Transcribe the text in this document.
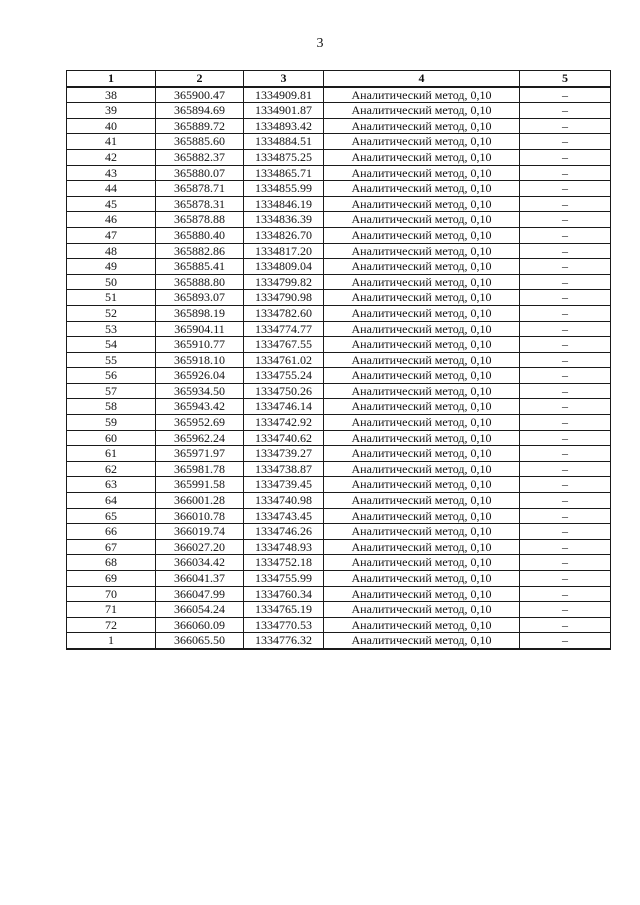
3
1	2	3	4	5
38	365900.47	1334909.81	Аналитический метод, 0,10	–
39	365894.69	1334901.87	Аналитический метод, 0,10	–
40	365889.72	1334893.42	Аналитический метод, 0,10	–
41	365885.60	1334884.51	Аналитический метод, 0,10	–
42	365882.37	1334875.25	Аналитический метод, 0,10	–
43	365880.07	1334865.71	Аналитический метод, 0,10	–
44	365878.71	1334855.99	Аналитический метод, 0,10	–
45	365878.31	1334846.19	Аналитический метод, 0,10	–
46	365878.88	1334836.39	Аналитический метод, 0,10	–
47	365880.40	1334826.70	Аналитический метод, 0,10	–
48	365882.86	1334817.20	Аналитический метод, 0,10	–
49	365885.41	1334809.04	Аналитический метод, 0,10	–
50	365888.80	1334799.82	Аналитический метод, 0,10	–
51	365893.07	1334790.98	Аналитический метод, 0,10	–
52	365898.19	1334782.60	Аналитический метод, 0,10	–
53	365904.11	1334774.77	Аналитический метод, 0,10	–
54	365910.77	1334767.55	Аналитический метод, 0,10	–
55	365918.10	1334761.02	Аналитический метод, 0,10	–
56	365926.04	1334755.24	Аналитический метод, 0,10	–
57	365934.50	1334750.26	Аналитический метод, 0,10	–
58	365943.42	1334746.14	Аналитический метод, 0,10	–
59	365952.69	1334742.92	Аналитический метод, 0,10	–
60	365962.24	1334740.62	Аналитический метод, 0,10	–
61	365971.97	1334739.27	Аналитический метод, 0,10	–
62	365981.78	1334738.87	Аналитический метод, 0,10	–
63	365991.58	1334739.45	Аналитический метод, 0,10	–
64	366001.28	1334740.98	Аналитический метод, 0,10	–
65	366010.78	1334743.45	Аналитический метод, 0,10	–
66	366019.74	1334746.26	Аналитический метод, 0,10	–
67	366027.20	1334748.93	Аналитический метод, 0,10	–
68	366034.42	1334752.18	Аналитический метод, 0,10	–
69	366041.37	1334755.99	Аналитический метод, 0,10	–
70	366047.99	1334760.34	Аналитический метод, 0,10	–
71	366054.24	1334765.19	Аналитический метод, 0,10	–
72	366060.09	1334770.53	Аналитический метод, 0,10	–
1	366065.50	1334776.32	Аналитический метод, 0,10	–
